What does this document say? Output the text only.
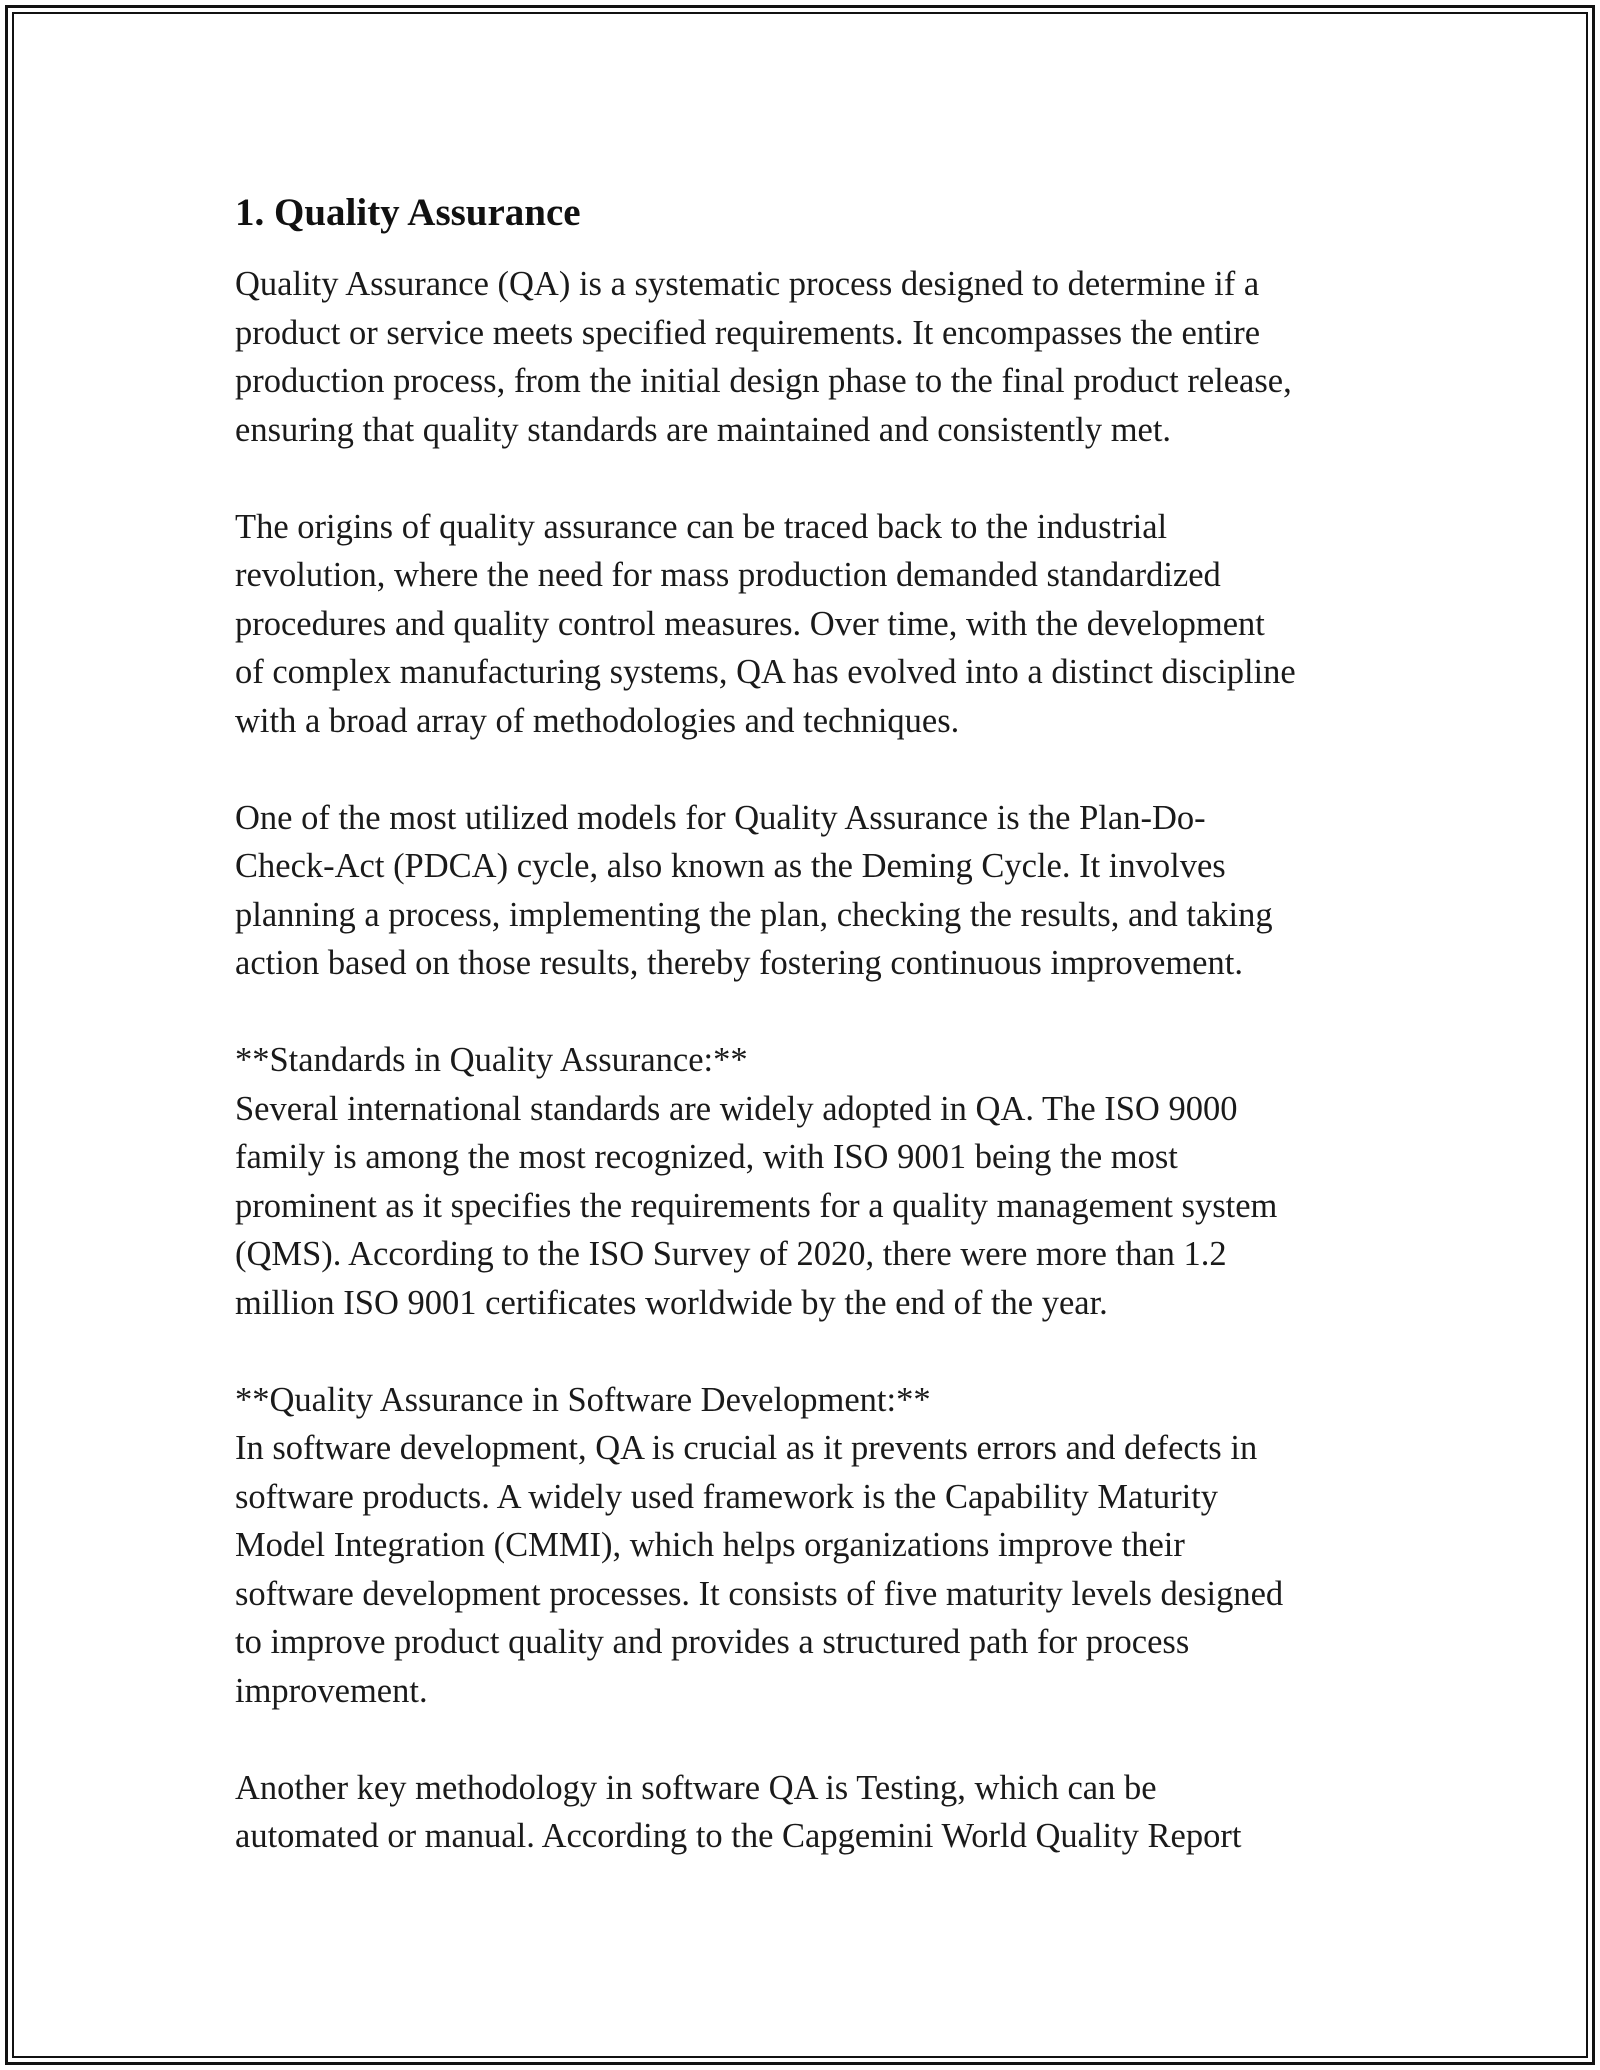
1. Quality Assurance

Quality Assurance (QA) is a systematic process designed to determine if a
product or service meets specified requirements. It encompasses the entire
production process, from the initial design phase to the final product release,
ensuring that quality standards are maintained and consistently met.

The origins of quality assurance can be traced back to the industrial
revolution, where the need for mass production demanded standardized
procedures and quality control measures. Over time, with the development
of complex manufacturing systems, QA has evolved into a distinct discipline
with a broad array of methodologies and techniques.

One of the most utilized models for Quality Assurance is the Plan-Do-
Check-Act (PDCA) cycle, also known as the Deming Cycle. It involves
planning a process, implementing the plan, checking the results, and taking
action based on those results, thereby fostering continuous improvement.

**Standards in Quality Assurance:**
Several international standards are widely adopted in QA. The ISO 9000
family is among the most recognized, with ISO 9001 being the most
prominent as it specifies the requirements for a quality management system
(QMS). According to the ISO Survey of 2020, there were more than 1.2
million ISO 9001 certificates worldwide by the end of the year.

**Quality Assurance in Software Development:**
In software development, QA is crucial as it prevents errors and defects in
software products. A widely used framework is the Capability Maturity
Model Integration (CMMI), which helps organizations improve their
software development processes. It consists of five maturity levels designed
to improve product quality and provides a structured path for process
improvement.

Another key methodology in software QA is Testing, which can be
automated or manual. According to the Capgemini World Quality Report
